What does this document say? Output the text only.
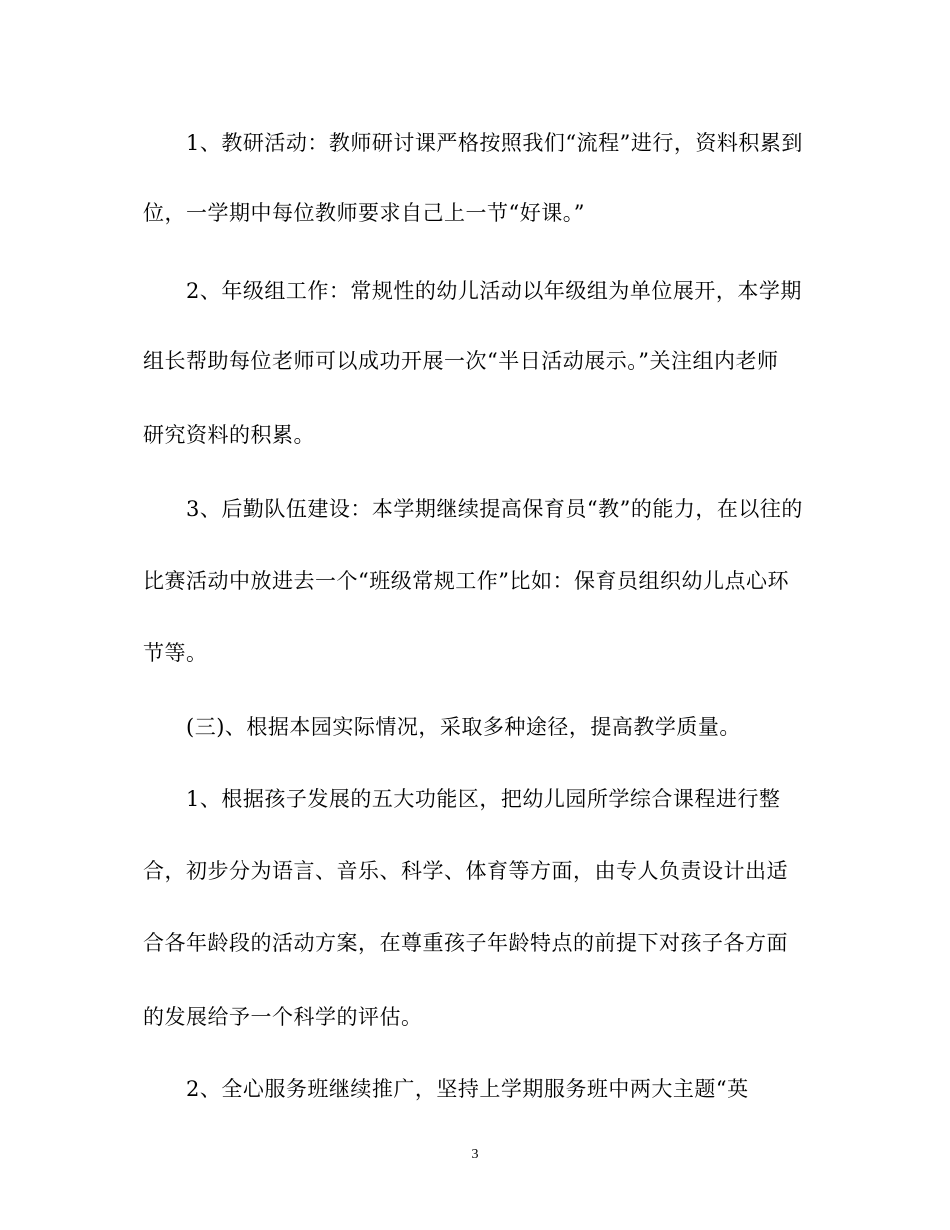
1、教研活动：教师研讨课严格按照我们“流程”进行，资料积累到
位，一学期中每位教师要求自己上一节“好课。”
2、年级组工作：常规性的幼儿活动以年级组为单位展开，本学期
组长帮助每位老师可以成功开展一次“半日活动展示。”关注组内老师
研究资料的积累。
3、后勤队伍建设：本学期继续提高保育员“教”的能力，在以往的
比赛活动中放进去一个“班级常规工作”比如：保育员组织幼儿点心环
节等。
(三)、根据本园实际情况，采取多种途径，提高教学质量。
1、根据孩子发展的五大功能区，把幼儿园所学综合课程进行整
合，初步分为语言、音乐、科学、体育等方面，由专人负责设计出适
合各年龄段的活动方案，在尊重孩子年龄特点的前提下对孩子各方面
的发展给予一个科学的评估。
2、全心服务班继续推广，坚持上学期服务班中两大主题“英
3
